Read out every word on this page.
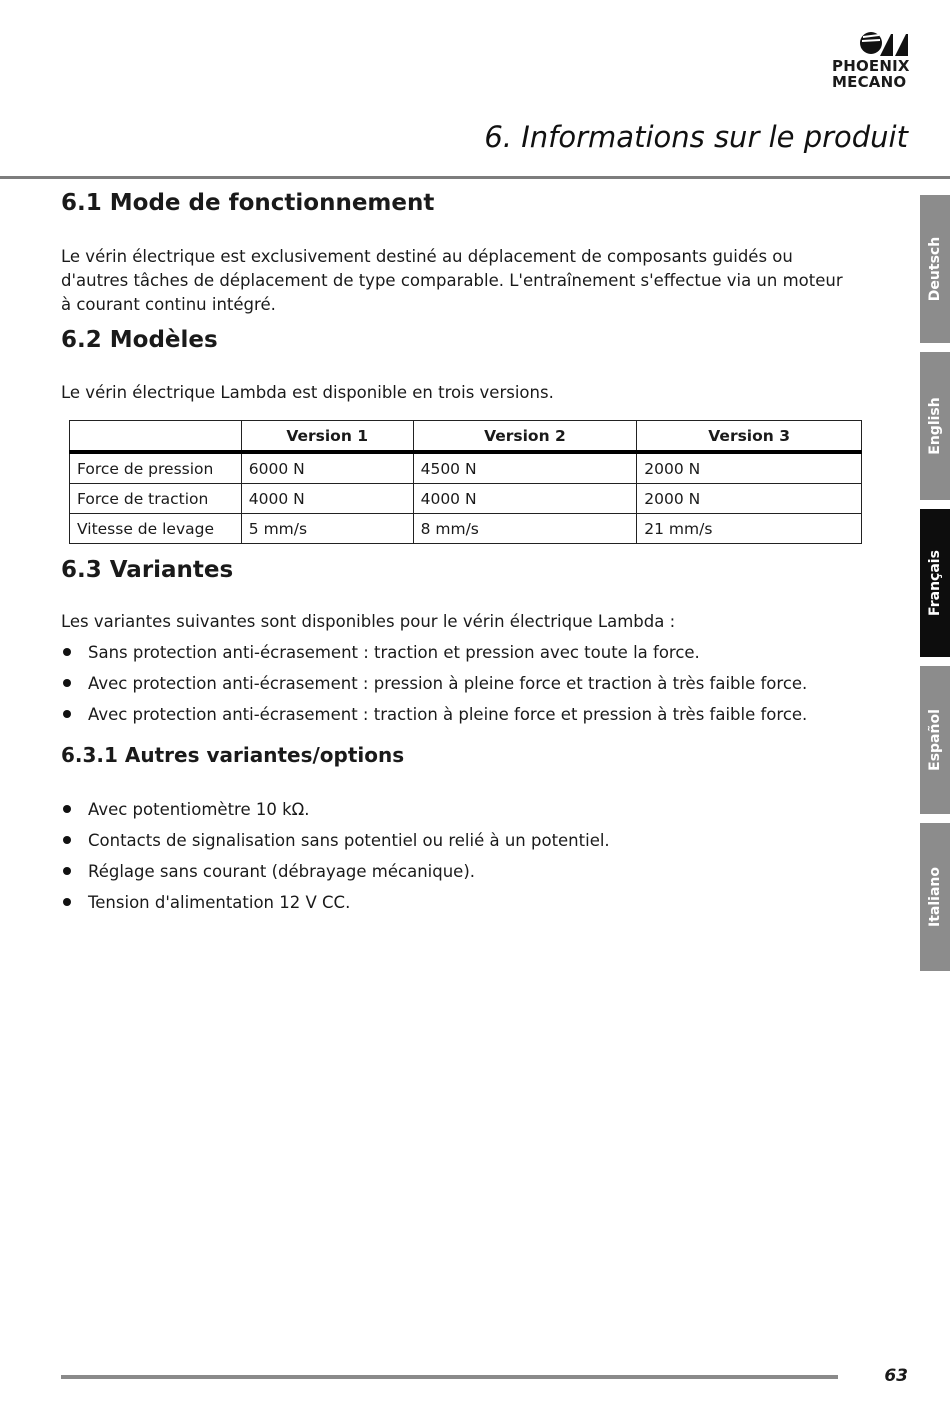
PHOENIX
MECANO
6. Informations sur le produit
6.1 Mode de fonctionnement

Le vérin électrique est exclusivement destiné au déplacement de composants guidés ou d'autres tâches de déplacement de type comparable. L'entraînement s'effectue via un moteur à courant continu intégré.

6.2 Modèles

Le vérin électrique Lambda est disponible en trois versions.

	Version 1	Version 2	Version 3
Force de pression	6000 N	4500 N	2000 N
Force de traction	4000 N	4000 N	2000 N
Vitesse de levage	5 mm/s	8 mm/s	21 mm/s
6.3 Variantes

Les variantes suivantes sont disponibles pour le vérin électrique Lambda :

Sans protection anti-écrasement : traction et pression avec toute la force.
Avec protection anti-écrasement : pression à pleine force et traction à très faible force.
Avec protection anti-écrasement : traction à pleine force et pression à très faible force.
6.3.1 Autres variantes/options
Avec potentiomètre 10 kΩ.
Contacts de signalisation sans potentiel ou relié à un potentiel.
Réglage sans courant (débrayage mécanique).
Tension d'alimentation 12 V CC.
Deutsch
English
Français
Español
Italiano
63
